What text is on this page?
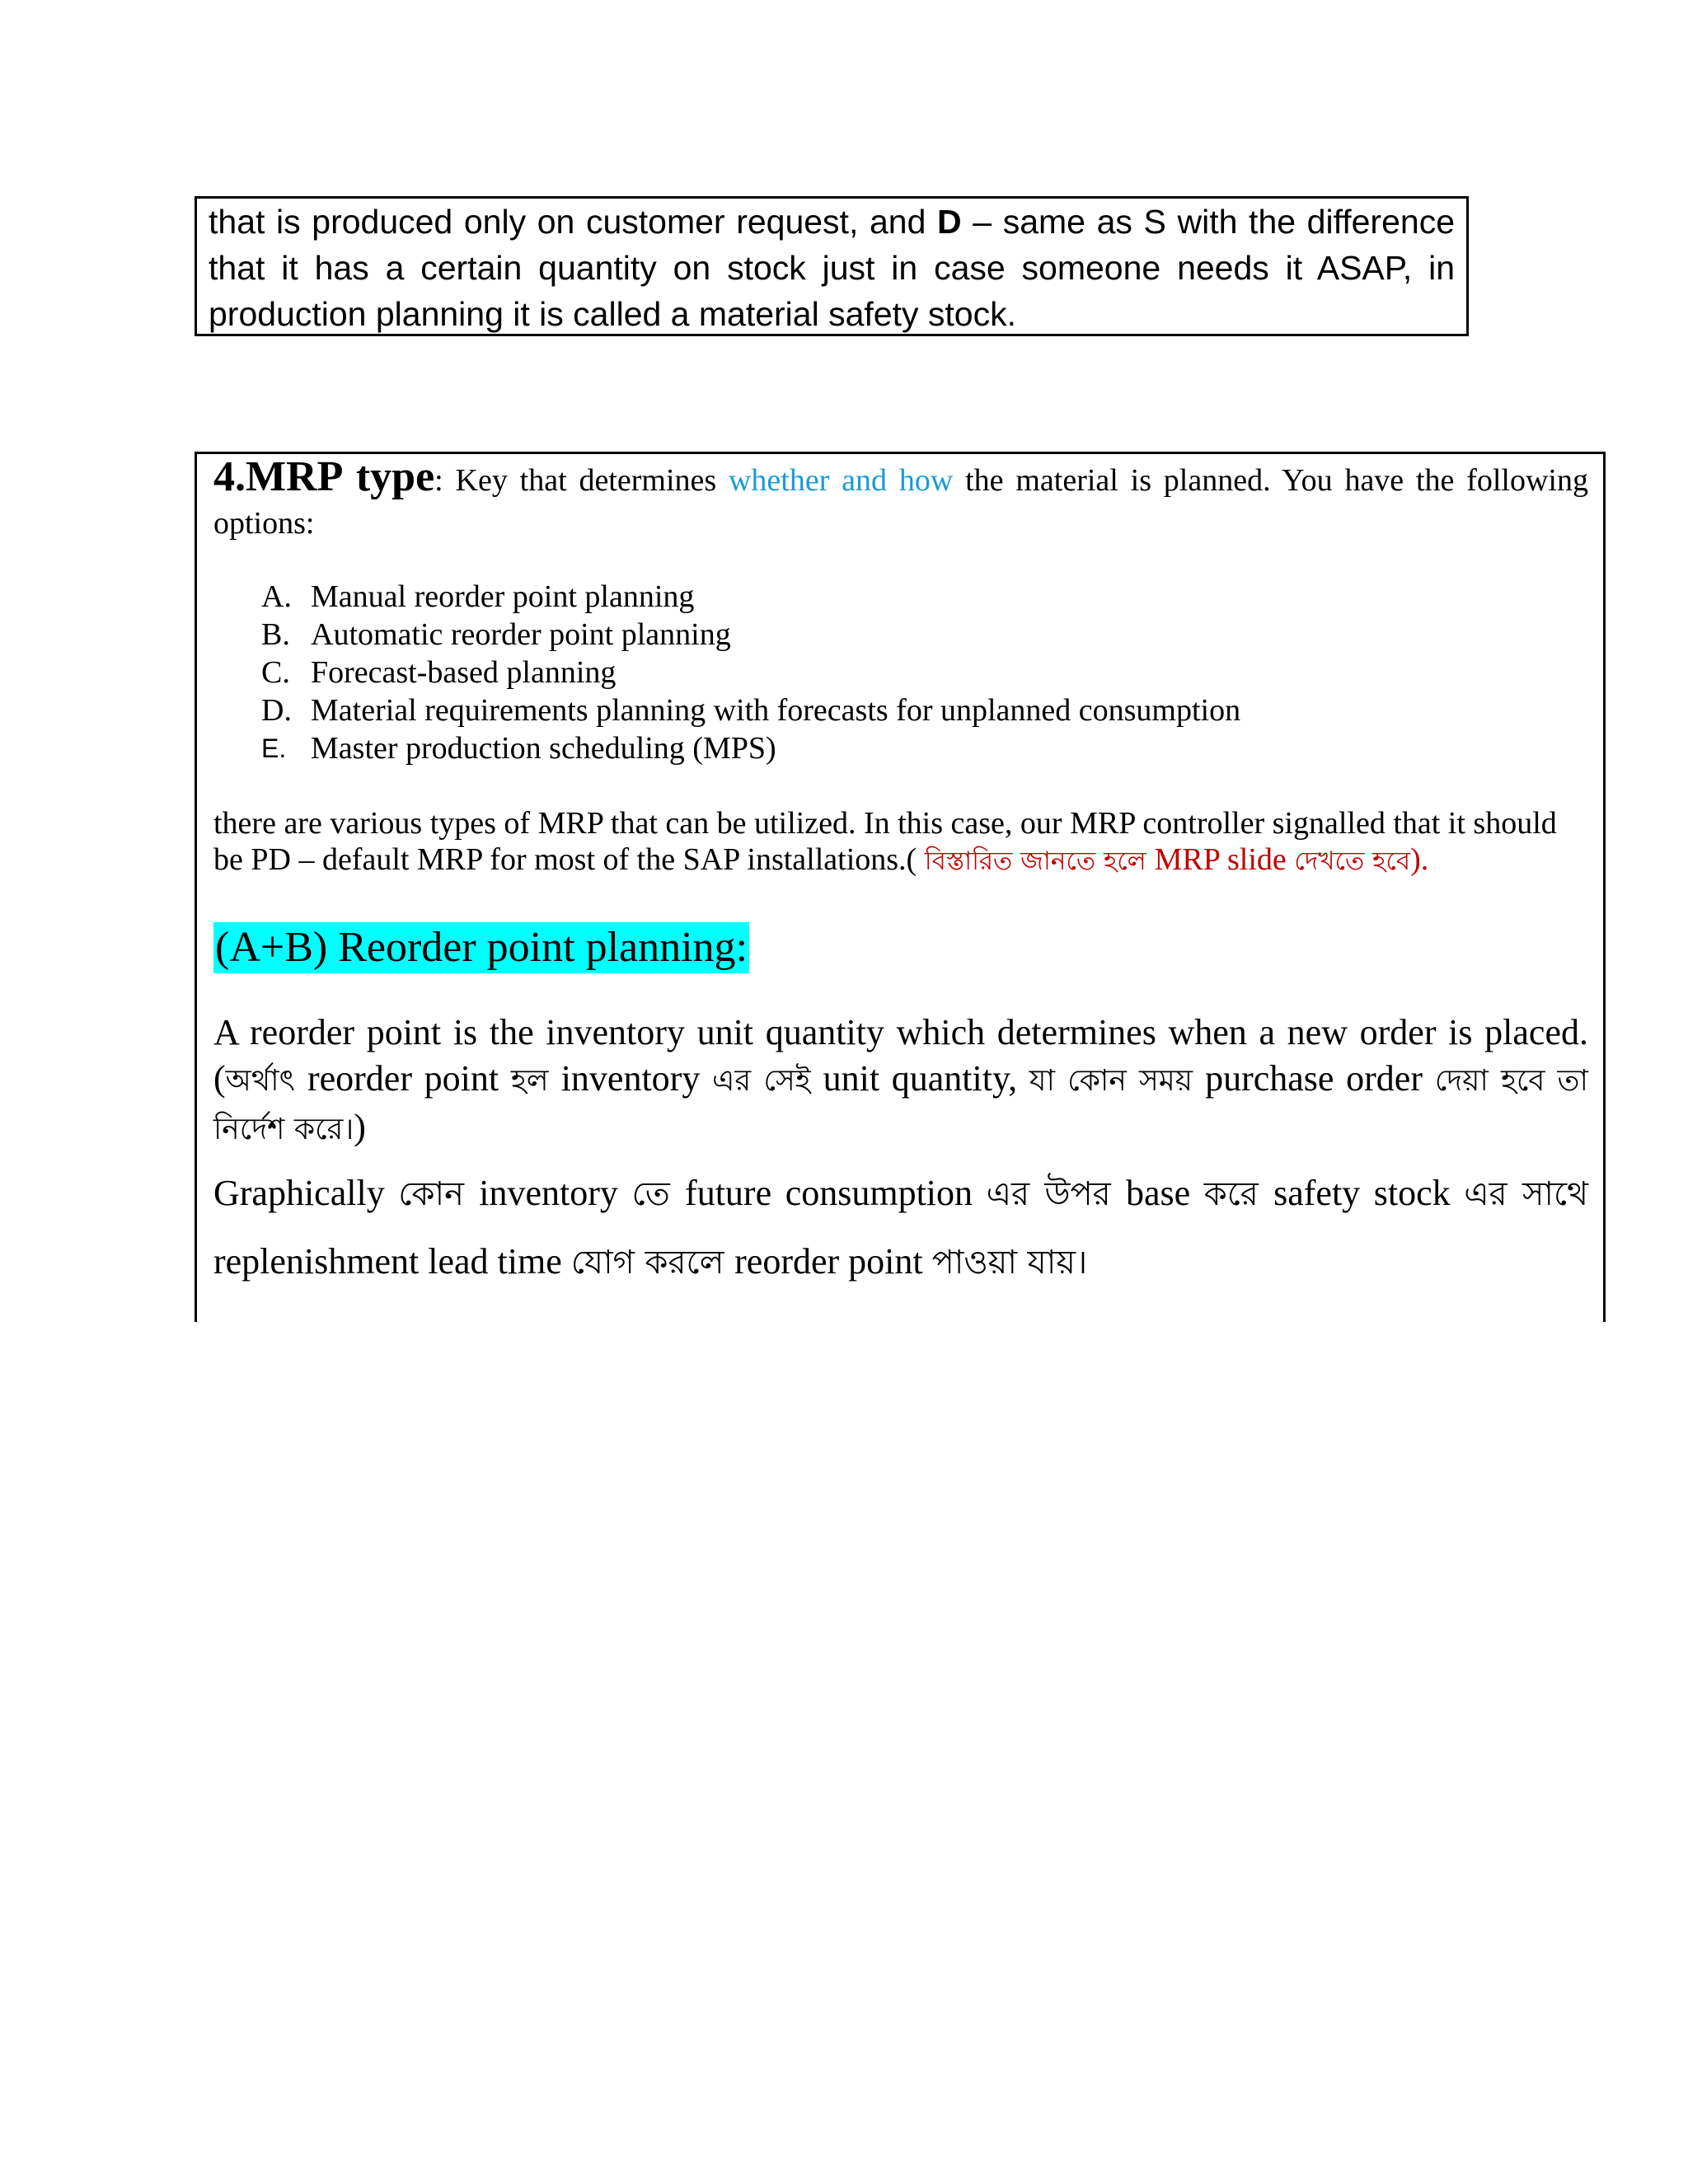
that is produced only on customer request, and D – same as S with the difference that it has a certain quantity on stock just in case someone needs it ASAP, in production planning it is called a material safety stock.
4.MRP type: Key that determines whether and how the material is planned. You have the following options:
A. Manual reorder point planning
B. Automatic reorder point planning
C. Forecast-based planning
D. Material requirements planning with forecasts for unplanned consumption
E. Master production scheduling (MPS)
there are various types of MRP that can be utilized. In this case, our MRP controller signalled that it should be PD – default MRP for most of the SAP installations.( বিস্তারিত জানতে হলে MRP slide দেখতে হবে).
(A+B) Reorder point planning:
A reorder point is the inventory unit quantity which determines when a new order is placed. (অর্থাৎ reorder point হল inventory এর সেই unit quantity, যা কোন সময় purchase order দেয়া হবে তা নির্দেশ করে।)
Graphically কোন inventory তে future consumption এর উপর base করে safety stock এর সাথে replenishment lead time যোগ করলে reorder point পাওয়া যায়।
